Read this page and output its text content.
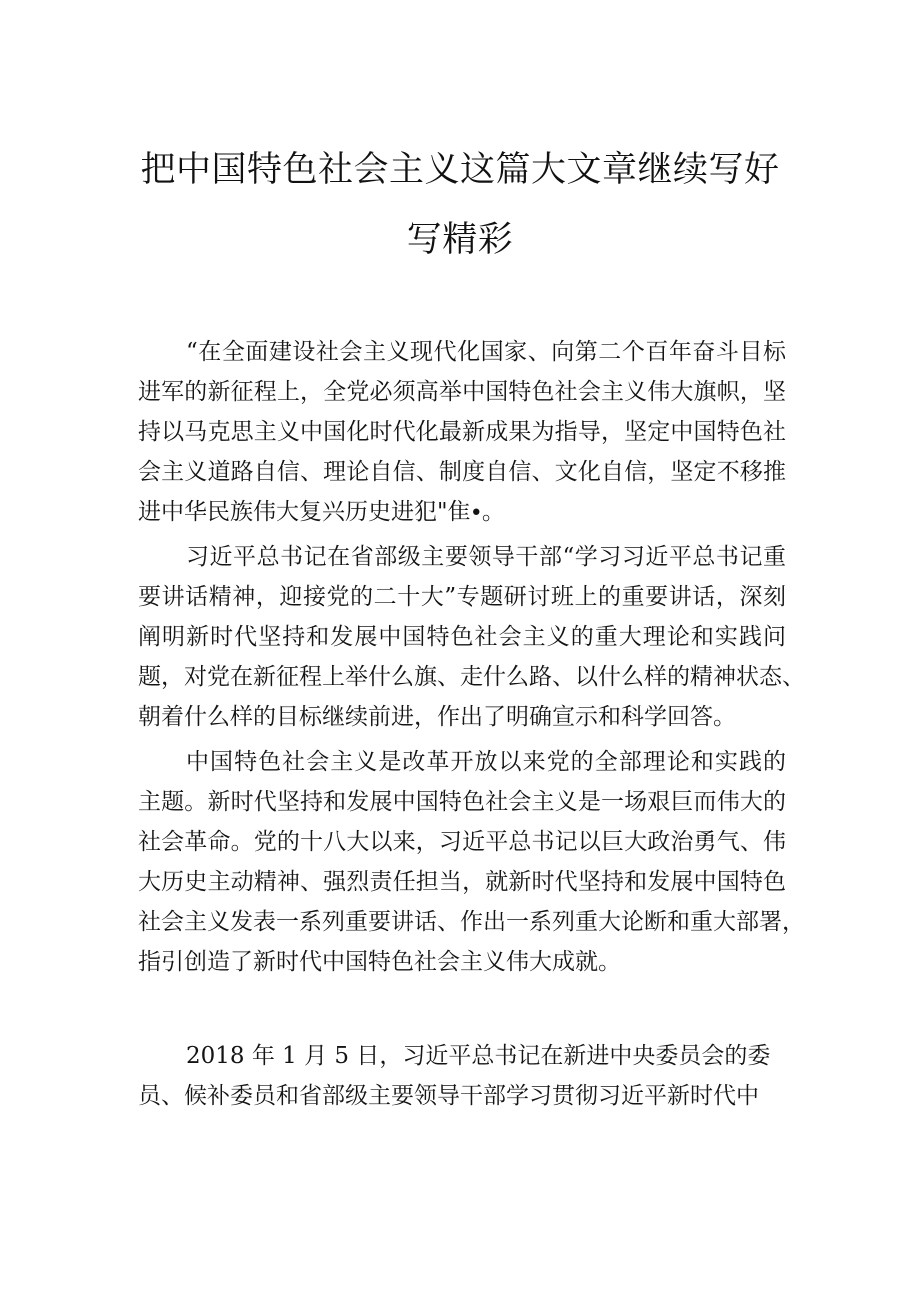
把中国特色社会主义这篇大文章继续写好
写精彩
“在全面建设社会主义现代化国家、向第二个百年奋斗目标
进军的新征程上，全党必须高举中国特色社会主义伟大旗帜，坚
持以马克思主义中国化时代化最新成果为指导，坚定中国特色社
会主义道路自信、理论自信、制度自信、文化自信，坚定不移推
进中华民族伟大复兴历史进犯"隹∙。
习近平总书记在省部级主要领导干部“学习习近平总书记重
要讲话精神，迎接党的二十大”专题研讨班上的重要讲话，深刻
阐明新时代坚持和发展中国特色社会主义的重大理论和实践问
题，对党在新征程上举什么旗、走什么路、以什么样的精神状态、
朝着什么样的目标继续前进，作出了明确宣示和科学回答。
中国特色社会主义是改革开放以来党的全部理论和实践的
主题。新时代坚持和发展中国特色社会主义是一场艰巨而伟大的
社会革命。党的十八大以来，习近平总书记以巨大政治勇气、伟
大历史主动精神、强烈责任担当，就新时代坚持和发展中国特色
社会主义发表一系列重要讲话、作出一系列重大论断和重大部署，
指引创造了新时代中国特色社会主义伟大成就。
2018 年 1 月 5 日，习近平总书记在新进中央委员会的委
员、候补委员和省部级主要领导干部学习贯彻习近平新时代中
